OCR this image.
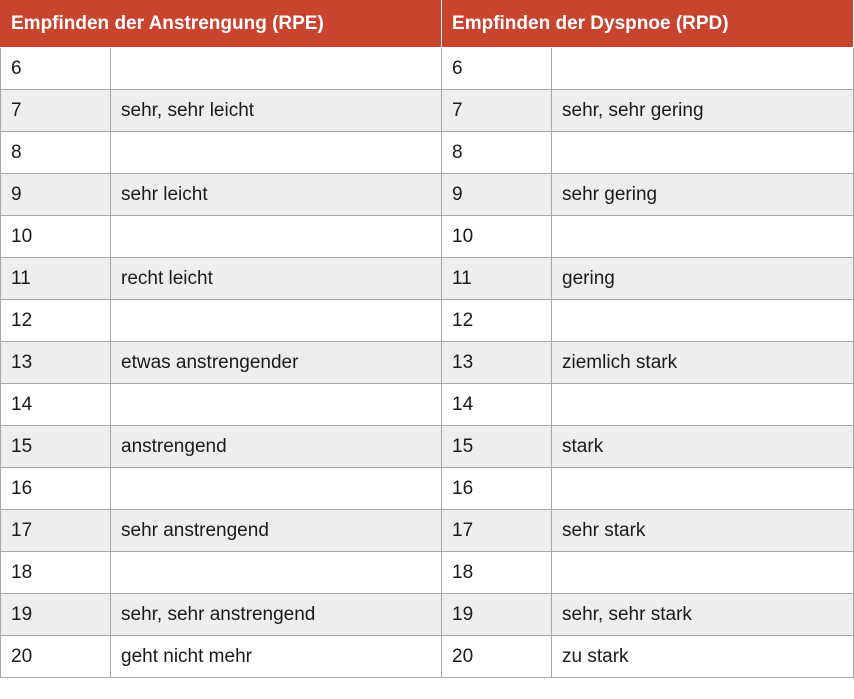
Empfinden der Anstrengung (RPE)		Empfinden der Dyspnoe (RPD)	
6		6	
7	sehr, sehr leicht	7	sehr, sehr gering
8		8	
9	sehr leicht	9	sehr gering
10		10	
11	recht leicht	11	gering
12		12	
13	etwas anstrengender	13	ziemlich stark
14		14	
15	anstrengend	15	stark
16		16	
17	sehr anstrengend	17	sehr stark
18		18	
19	sehr, sehr anstrengend	19	sehr, sehr stark
20	geht nicht mehr	20	zu stark
